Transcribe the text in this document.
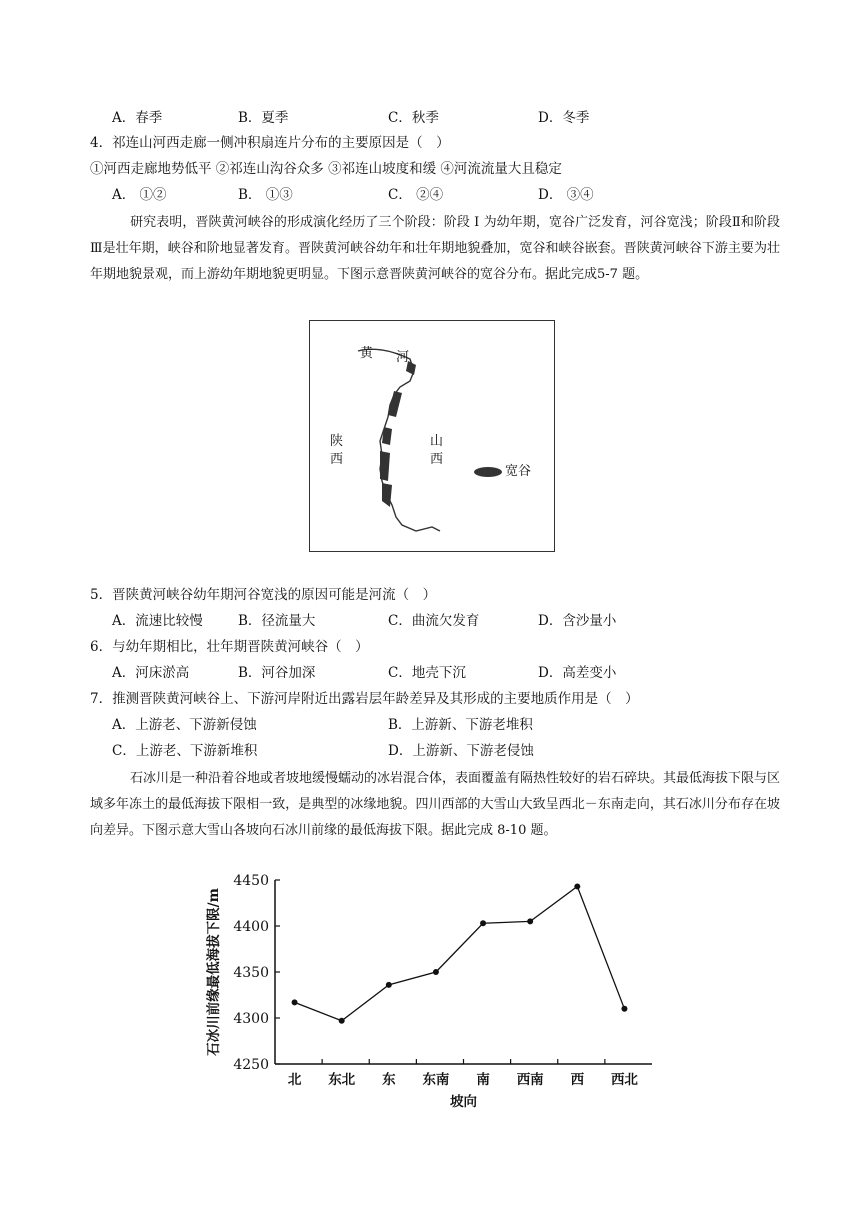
A．春季	B．夏季	C．秋季	D．冬季
4．祁连山河西走廊一侧冲积扇连片分布的主要原因是（　）
①河西走廊地势低平 ②祁连山沟谷众多 ③祁连山坡度和缓 ④河流流量大且稳定
A． ①②	B． ①③	C． ②④	D． ③④
研究表明，晋陕黄河峡谷的形成演化经历了三个阶段：阶段 Ⅰ 为幼年期，宽谷广泛发育，河谷宽浅；阶段Ⅱ和阶段Ⅲ是壮年期，峡谷和阶地显著发育。晋陕黄河峡谷幼年和壮年期地貌叠加，宽谷和峡谷嵌套。晋陕黄河峡谷下游主要为壮年期地貌景观，而上游幼年期地貌更明显。下图示意晋陕黄河峡谷的宽谷分布。据此完成5-7 题。
黄 河
陕
西
山
西
宽谷
5．晋陕黄河峡谷幼年期河谷宽浅的原因可能是河流（　）
A．流速比较慢	B．径流量大	C．曲流欠发育	D．含沙量小
6．与幼年期相比，壮年期晋陕黄河峡谷（　）
A．河床淤高	B．河谷加深	C．地壳下沉	D．高差变小
7．推测晋陕黄河峡谷上、下游河岸附近出露岩层年龄差异及其形成的主要地质作用是（　）
A．上游老、下游新侵蚀	B．上游新、下游老堆积
C．上游老、下游新堆积	D．上游新、下游老侵蚀
石冰川是一种沿着谷地或者坡地缓慢蠕动的冰岩混合体，表面覆盖有隔热性较好的岩石碎块。其最低海拔下限与区域多年冻土的最低海拔下限相一致，是典型的冰缘地貌。四川西部的大雪山大致呈西北－东南走向，其石冰川分布存在坡向差异。下图示意大雪山各坡向石冰川前缘的最低海拔下限。据此完成 8-10 题。
4450
4400
4350
4300
4250
北 东北 东 东南 南 西南 西 西北
坡向
石冰川前缘最低海拔下限/m
